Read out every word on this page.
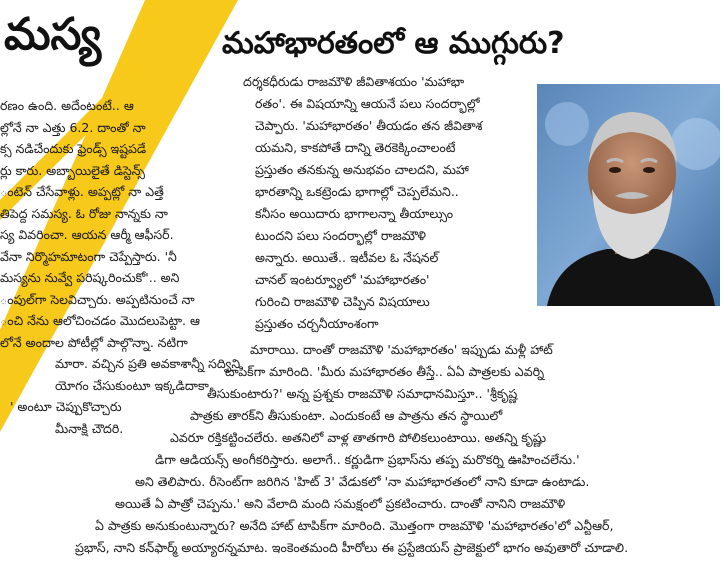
మస్య
రణం ఉంది. అదేంటంటే.. ఆ
ల్లోనే నా ఎత్తు 6.2. దాంతో నా
క్స నడిచేందుకు ఫ్రెండ్స్ ఇష్టపడే
ర్లు కారు. అబ్బాయిలైతే డిస్టెన్స్
ంటెన్ చేసేవాళ్లు. అప్పట్లో నా ఎత్తే
తిపెద్ద సమస్య. ఓ రోజు నాన్నకు నా
స్య వివరించా. ఆయన ఆర్మీ ఆఫీసర్.
వేనా నిర్మొహమాటంగా చెప్పేస్తారు. 'నీ
మస్యను నువ్వే పరిష్కరించుకో'.. అని
ంపుల్‌గా సెలవిచ్చారు. అప్పటినుంచే నా
ంచి నేను ఆలోచించడం మొదలుపెట్టా. ఆ
లోనే అందాల పోటీల్లో పాల్గొన్నా. నటిగా
మారా. వచ్చిన ప్రతి అవకాశాన్నీ సద్విని
యోగం చేసుకుంటూ ఇక్కడిదాకా
' అంటూ చెప్పుకొచ్చారు
మీనాక్షి చౌదరి.
మహాభారతంలో ఆ ముగ్గురు?
దర్శకధీరుడు రాజమౌళి జీవితాశయం 'మహాభా
రతం'. ఈ విషయాన్ని ఆయనే పలు సందర్భాల్లో
చెప్పారు. 'మహాభారతం' తీయడం తన జీవితాశ
యమని, కాకపోతే దాన్ని తెరకెక్కించాలంటే
ప్రస్తుతం తనకున్న అనుభవం చాలదని, మహా
భారతాన్ని ఒకట్రెండు భాగాల్లో చెప్పలేమని..
కనీసం అయిదారు భాగాలన్నా తీయాల్సుం
టుందని పలు సందర్భాల్లో రాజమౌళి
అన్నారు. అయితే.. ఇటీవల ఓ నేషనల్
చానల్ ఇంటర్వ్యూలో 'మహాభారతం'
గురించి రాజమౌళి చెప్పిన విషయాలు
ప్రస్తుతం చర్చనీయాంశంగా
మారాయి. దాంతో రాజమౌళి 'మహాభారతం' ఇప్పుడు మళ్లీ హాట్
టాపిక్‌గా మారింది. 'మీరు మహాభారతం తీస్తే.. ఏఏ పాత్రలకు ఎవర్ని
తీసుకుంటారు?' అన్న ప్రశ్నకు రాజమౌళి సమాధానమిస్తూ.. 'శ్రీకృష్ణ
పాత్రకు తారక్‌ని తీసుకుంటా. ఎందుకంటే ఆ పాత్రను తన స్థాయిలో
ఎవరూ రక్తికట్టించలేరు. అతనిలో వాళ్ల తాతగారి పోలికలుంటాయి. అతన్ని కృష్ణు
డిగా ఆడియన్స్ అంగీకరిస్తారు. అలాగే.. కర్ణుడిగా ప్రభాస్‌ను తప్ప మరొకర్ని ఊహించలేను.'
అని తెలిపారు. రీసెంట్‌గా జరిగిన 'హిట్ 3' వేడుకలో 'నా మహాభారతంలో నాని కూడా ఉంటాడు.
అయితే ఏ పాత్రో చెప్పను.' అని వేలాది మంది సమక్షంలో ప్రకటించారు. దాంతో నానిని రాజమౌళి
ఏ పాత్రకు అనుకుంటున్నారు? అనేది హాట్ టాపిక్‌గా మారింది. మొత్తంగా రాజమౌళి 'మహాభారతం'లో ఎన్టీఆర్,
ప్రభాస్, నాని కన్‌ఫార్మ్ అయ్యారన్నమాట. ఇంకెంతమంది హీరోలు ఈ ప్రస్టేజియస్ ప్రాజెక్టులో భాగం అవుతారో చూడాలి.
